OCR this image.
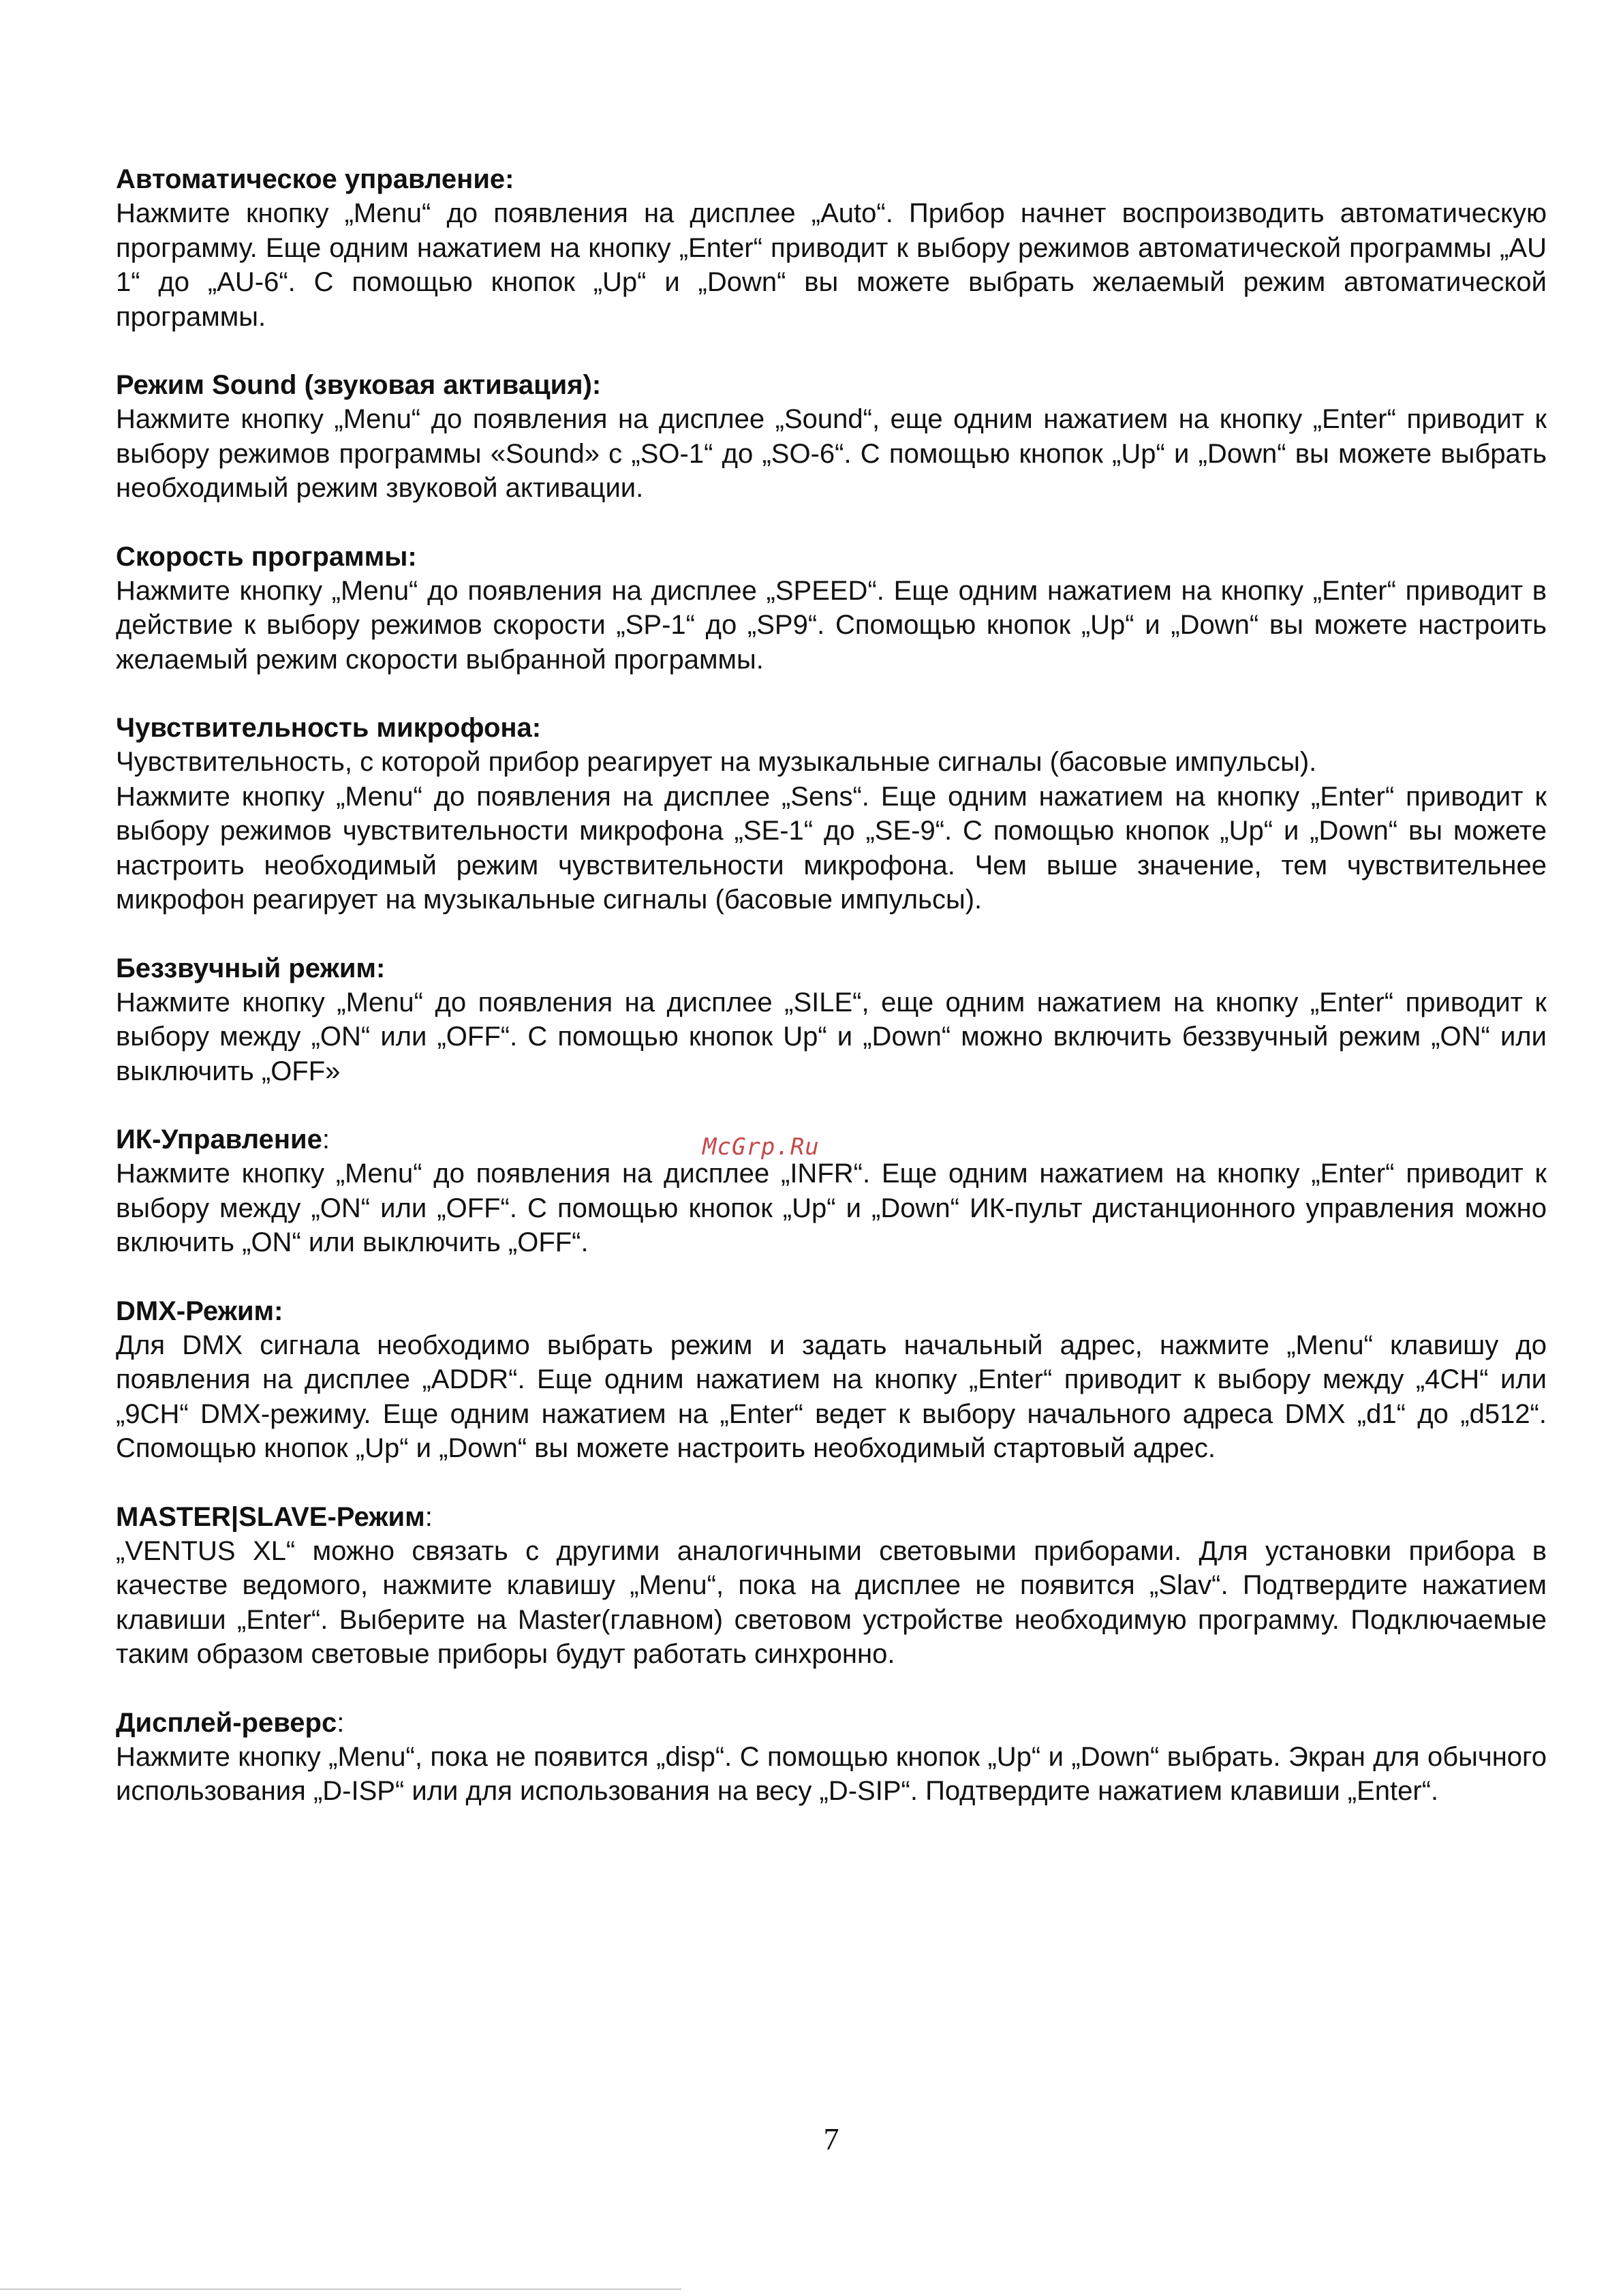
Автоматическое управление:

Нажмите кнопку „Menu“ до появления на дисплее „Auto“. Прибор начнет воспроизводить автоматическую программу. Еще одним нажатием на кнопку „Enter“ приводит к выбору режимов автоматической программы „AU 1“ до „AU-6“. С помощью кнопок „Up“ и „Down“ вы можете выбрать желаемый режим автоматической программы.

Режим Sound (звуковая активация):

Нажмите кнопку „Menu“ до появления на дисплее „Sound“, еще одним нажатием на кнопку „Enter“ приводит к выбору режимов программы «Sound» с „SO-1“ до „SO-6“. С помощью кнопок „Up“ и „Down“ вы можете выбрать необходимый режим звуковой активации.

Скорость программы:

Нажмите кнопку „Menu“ до появления на дисплее „SPEED“. Еще одним нажатием на кнопку „Enter“ приводит в действие к выбору режимов скорости „SP-1“ до „SP9“. Спомощью кнопок „Up“ и „Down“ вы можете настроить желаемый режим скорости выбранной программы.

Чувствительность микрофона:

Чувствительность, с которой прибор реагирует на музыкальные сигналы (басовые импульсы).

Нажмите кнопку „Menu“ до появления на дисплее „Sens“. Еще одним нажатием на кнопку „Enter“ приводит к выбору режимов чувствительности микрофона „SE-1“ до „SE-9“. С помощью кнопок „Up“ и „Down“ вы можете настроить необходимый режим чувствительности микрофона. Чем выше значение, тем чувствительнее микрофон реагирует на музыкальные сигналы (басовые импульсы).

Беззвучный режим:

Нажмите кнопку „Menu“ до появления на дисплее „SILE“, еще одним нажатием на кнопку „Enter“ приводит к выбору между „ON“ или „OFF“. С помощью кнопок Up“ и „Down“ можно включить беззвучный режим „ON“ или выключить „OFF»

ИК-Управление:

Нажмите кнопку „Menu“ до появления на дисплее „INFR“. Еще одним нажатием на кнопку „Enter“ приводит к выбору между „ON“ или „OFF“. С помощью кнопок „Up“ и „Down“ ИК-пульт дистанционного управления можно включить „ON“ или выключить „OFF“.

DMX-Режим:

Для DMX сигнала необходимо выбрать режим и задать начальный адрес, нажмите „Menu“ клавишу до появления на дисплее „ADDR“. Еще одним нажатием на кнопку „Enter“ приводит к выбору между „4CH“ или „9CH“ DMX-режиму. Еще одним нажатием на „Enter“ ведет к выбору начального адреса DMX „d1“ до „d512“. Спомощью кнопок „Up“ и „Down“ вы можете настроить необходимый стартовый адрес.

MASTER|SLAVE-Режим:

„VENTUS XL“ можно связать с другими аналогичными световыми приборами. Для установки прибора в качестве ведомого, нажмите клавишу „Menu“, пока на дисплее не появится „Slav“. Подтвердите нажатием клавиши „Enter“. Выберите на Master(главном) световом устройстве необходимую программу. Подключаемые таким образом световые приборы будут работать синхронно.

Дисплей-реверс:

Нажмите кнопку „Menu“, пока не появится „disp“. С помощью кнопок „Up“ и „Down“ выбрать. Экран для обычного использования „D-ISP“ или для использования на весу „D-SIP“. Подтвердите нажатием клавиши „Enter“.

McGrp.Ru
7
